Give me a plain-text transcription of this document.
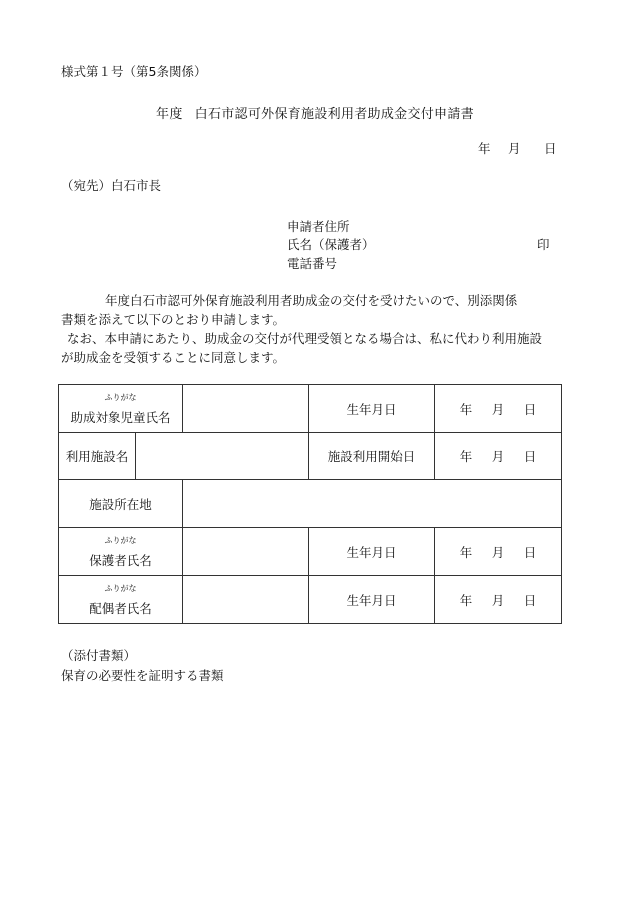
様式第１号（第5条関係）
年度 白石市認可外保育施設利用者助成金交付申請書
年 月 日
（宛先）白石市長
申請者住所
氏名（保護者）	印
電話番号

年度白石市認可外保育施設利用者助成金の交付を受けたいので、別添関係

書類を添えて以下のとおり申請します。

なお、本申請にあたり、助成金の交付が代理受領となる場合は、私に代わり利用施設

が助成金を受領することに同意します。

ふりがな
助成対象児童氏名			生年月日	年 月 日
利用施設名			施設利用開始日	年 月 日
施設所在地				

ふりがな
保護者氏名			生年月日	年 月 日

ふりがな
配偶者氏名			生年月日	年 月 日
（添付書類）
保育の必要性を証明する書類
